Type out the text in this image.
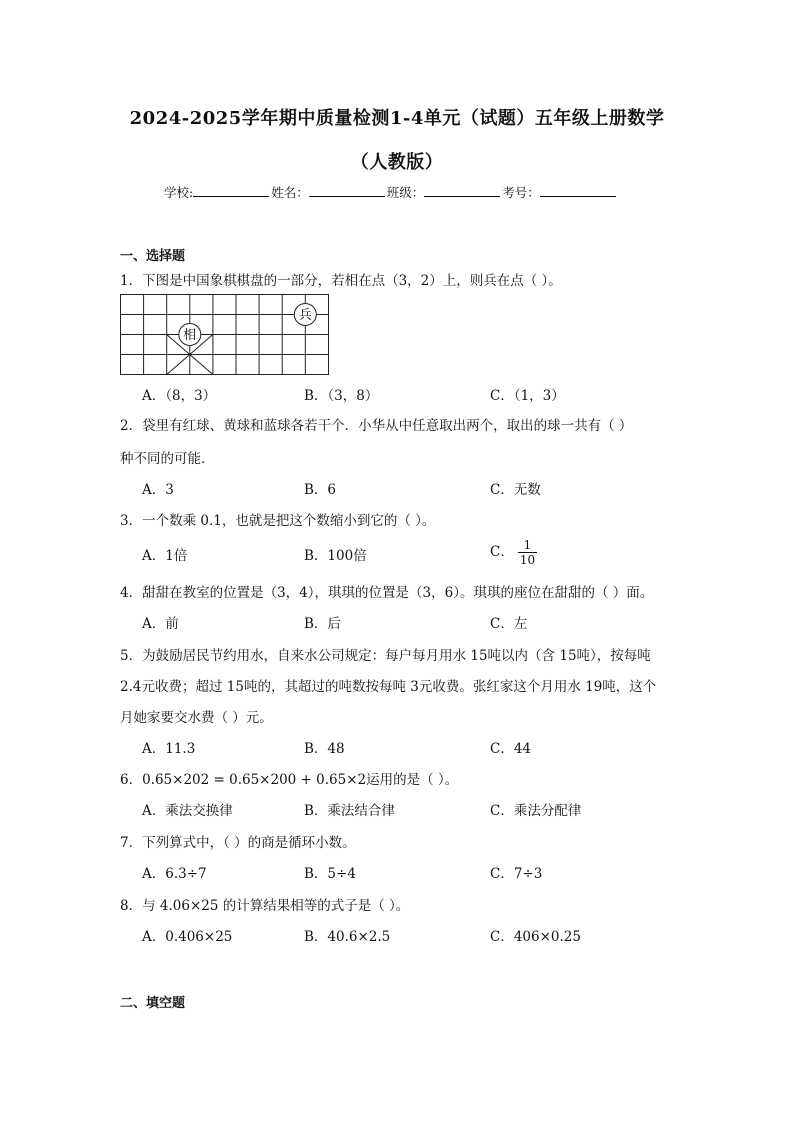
2024-2025学年期中质量检测1-4单元（试题）五年级上册数学
（人教版）
学校:	姓名：	班级：	考号：
一、选择题
1．下图是中国象棋棋盘的一部分，若相在点（3，2）上，则兵在点（ ）。
相
兵
A．（8，3）	B．（3，8）	C．（1，3）
2．袋里有红球、黄球和蓝球各若干个．小华从中任意取出两个，取出的球一共有（ ）
种不同的可能．
A．3	B．6	C．无数
3．一个数乘 0.1，也就是把这个数缩小到它的（ ）。
A．1倍	B．100倍	C． $\frac{1}{10}$
4．甜甜在教室的位置是（3，4），琪琪的位置是（3，6）。琪琪的座位在甜甜的（ ）面。
A．前	B．后	C．左
5．为鼓励居民节约用水，自来水公司规定：每户每月用水 15吨以内（含 15吨），按每吨
2.4元收费；超过 15吨的，其超过的吨数按每吨 3元收费。张红家这个月用水 19吨，这个
月她家要交水费（ ）元。
A．11.3	B．48	C．44
6．0.65×202 = 0.65×200 + 0.65×2运用的是（ ）。
A．乘法交换律	B．乘法结合律	C．乘法分配律
7．下列算式中，（ ）的商是循环小数。
A．6.3÷7	B．5÷4	C．7÷3
8．与 4.06×25 的计算结果相等的式子是（ ）。
A．0.406×25	B．40.6×2.5	C．406×0.25
二、填空题
